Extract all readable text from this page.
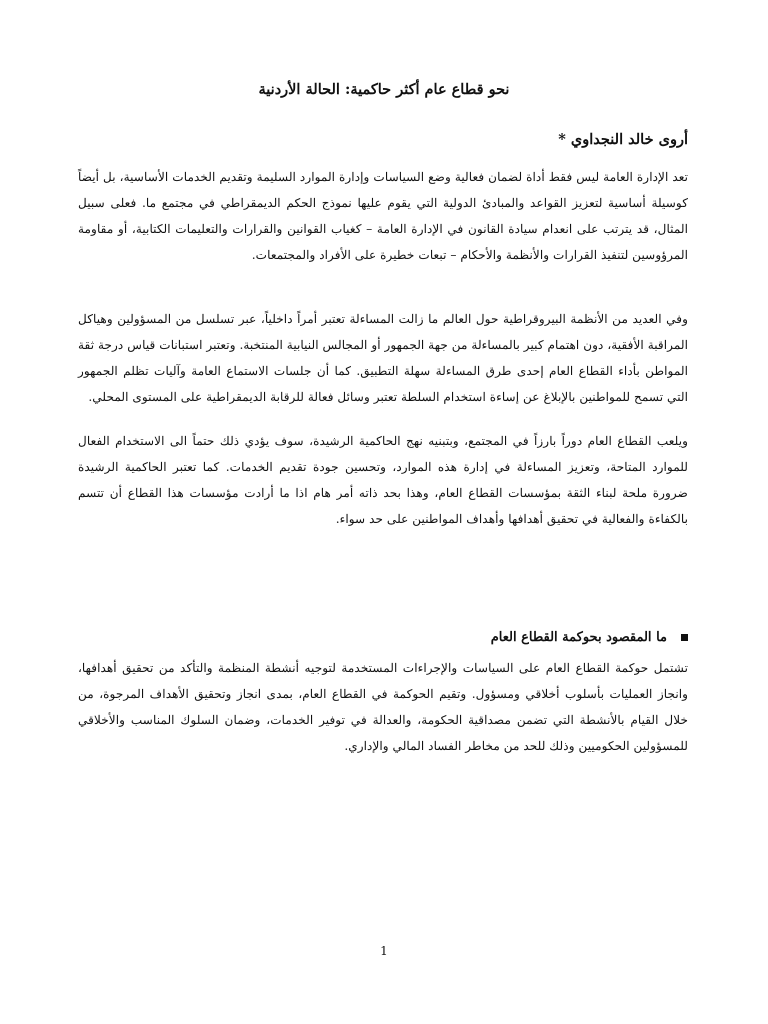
نحو قطاع عام أكثر حاكمية: الحالة الأردنية

أروى خالد النجداوي *

تعد الإدارة العامة ليس فقط أداة لضمان فعالية وضع السياسات وإدارة الموارد السليمة وتقديم الخدمات الأساسية، بل أيضاً كوسيلة أساسية لتعزيز القواعد والمبادئ الدولية التي يقوم عليها نموذج الحكم الديمقراطي في مجتمع ما. فعلى سبيل المثال، قد يترتب على انعدام سيادة القانون في الإدارة العامة – كغياب القوانين والقرارات والتعليمات الكتابية، أو مقاومة المرؤوسين لتنفيذ القرارات والأنظمة والأحكام – تبعات خطيرة على الأفراد والمجتمعات.

وفي العديد من الأنظمة البيروقراطية حول العالم ما زالت المساءلة تعتبر أمراً داخلياً، عبر تسلسل من المسؤولين وهياكل المراقبة الأفقية، دون اهتمام كبير بالمساءلة من جهة الجمهور أو المجالس النيابية المنتخبة. وتعتبر استبانات قياس درجة ثقة المواطن بأداء القطاع العام إحدى طرق المساءلة سهلة التطبيق. كما أن جلسات الاستماع العامة وآليات تظلم الجمهور التي تسمح للمواطنين بالإبلاغ عن إساءة استخدام السلطة تعتبر وسائل فعالة للرقابة الديمقراطية على المستوى المحلي.

ويلعب القطاع العام دوراً بارزاً في المجتمع، وبتبنيه نهج الحاكمية الرشيدة، سوف يؤدي ذلك حتماً الى الاستخدام الفعال للموارد المتاحة، وتعزيز المساءلة في إدارة هذه الموارد، وتحسين جودة تقديم الخدمات. كما تعتبر الحاكمية الرشيدة ضرورة ملحة لبناء الثقة بمؤسسات القطاع العام، وهذا بحد ذاته أمر هام اذا ما أرادت مؤسسات هذا القطاع أن تتسم بالكفاءة والفعالية في تحقيق أهدافها وأهداف المواطنين على حد سواء.

ما المقصود بحوكمة القطاع العام

تشتمل حوكمة القطاع العام على السياسات والإجراءات المستخدمة لتوجيه أنشطة المنظمة والتأكد من تحقيق أهدافها، وانجاز العمليات بأسلوب أخلاقي ومسؤول. وتقيم الحوكمة في القطاع العام، بمدى انجاز وتحقيق الأهداف المرجوة، من خلال القيام بالأنشطة التي تضمن مصداقية الحكومة، والعدالة في توفير الخدمات، وضمان السلوك المناسب والأخلاقي للمسؤولين الحكوميين وذلك للحد من مخاطر الفساد المالي والإداري.

1
